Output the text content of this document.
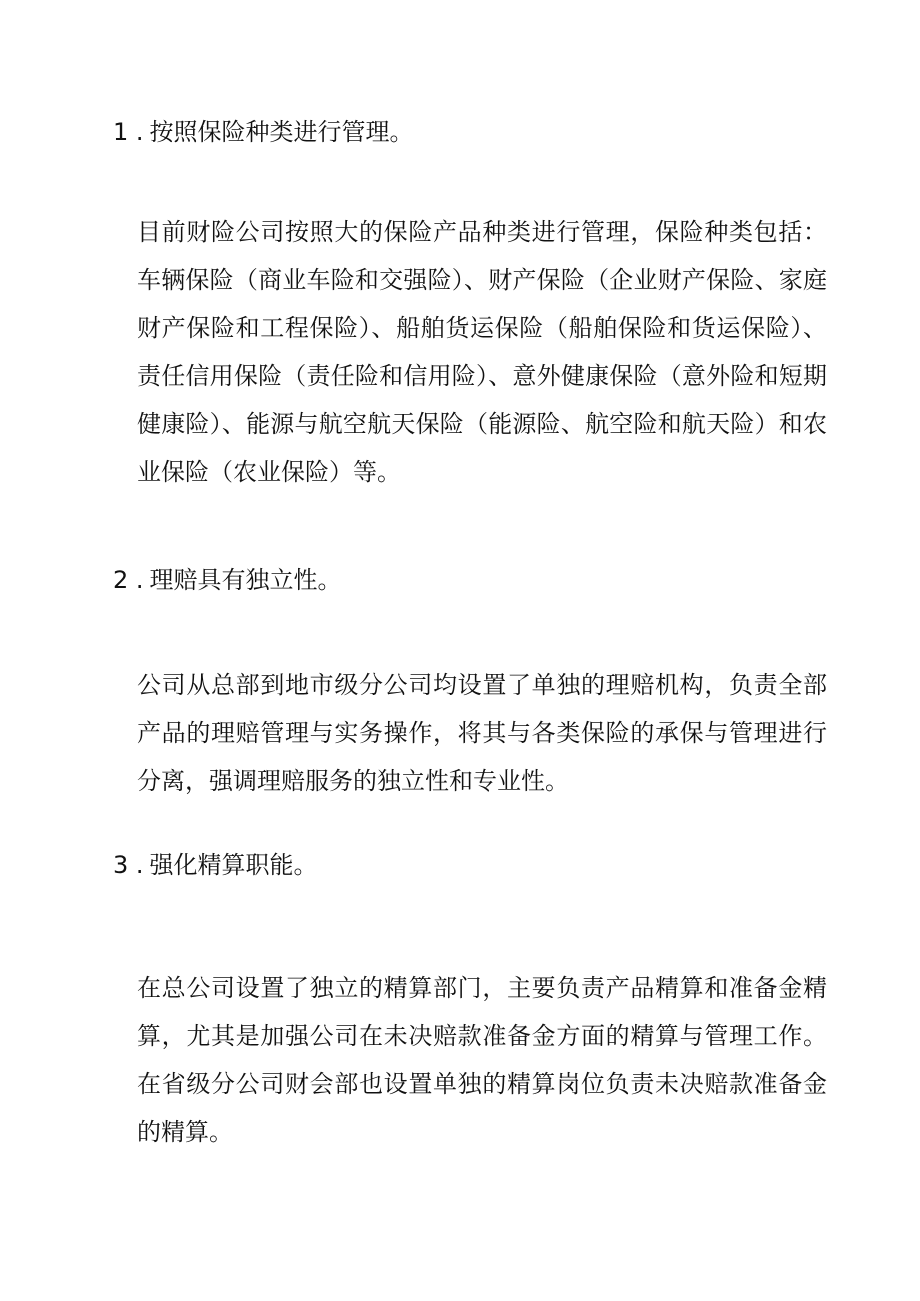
1 . 按照保险种类进行管理。
目前财险公司按照大的保险产品种类进行管理，保险种类包括：车辆保险（商业车险和交强险）、财产保险（企业财产保险、家庭财产保险和工程保险）、船舶货运保险（船舶保险和货运保险）、责任信用保险（责任险和信用险）、意外健康保险（意外险和短期健康险）、能源与航空航天保险（能源险、航空险和航天险）和农业保险（农业保险）等。
2 . 理赔具有独立性。
公司从总部到地市级分公司均设置了单独的理赔机构，负责全部产品的理赔管理与实务操作，将其与各类保险的承保与管理进行分离，强调理赔服务的独立性和专业性。
3 . 强化精算职能。
在总公司设置了独立的精算部门，主要负责产品精算和准备金精算，尤其是加强公司在未决赔款准备金方面的精算与管理工作。在省级分公司财会部也设置单独的精算岗位负责未决赔款准备金的精算。
